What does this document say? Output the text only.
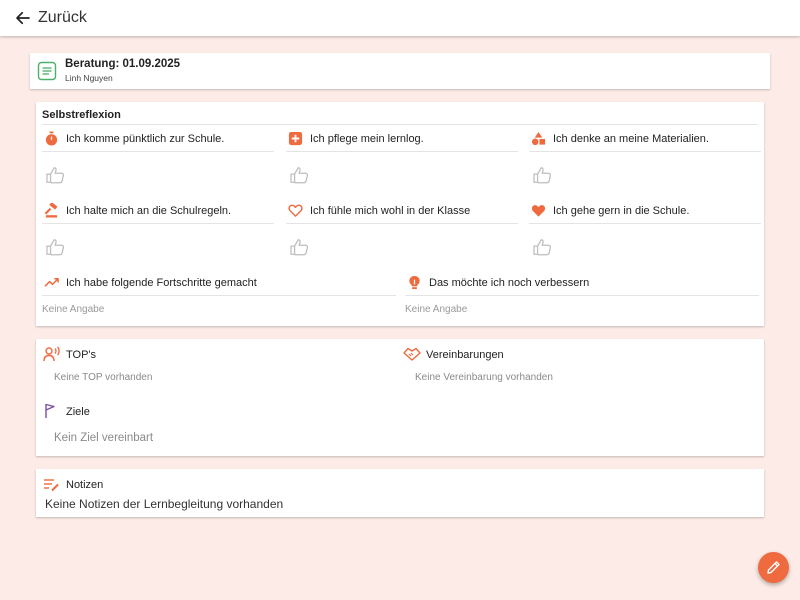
Zurück
Beratung: 01.09.2025
Linh Nguyen
Selbstreflexion
Ich komme pünktlich zur Schule.	Ich pflege mein lernlog.	Ich denke an meine Materialien.
Ich halte mich an die Schulregeln.	Ich fühle mich wohl in der Klasse	Ich gehe gern in die Schule.
Ich habe folgende Fortschritte gemacht
Keine Angabe
Das möchte ich noch verbessern
Keine Angabe
TOP's
Keine TOP vorhanden
Vereinbarungen
Keine Vereinbarung vorhanden
Ziele
Kein Ziel vereinbart
Notizen
Keine Notizen der Lernbegleitung vorhanden
